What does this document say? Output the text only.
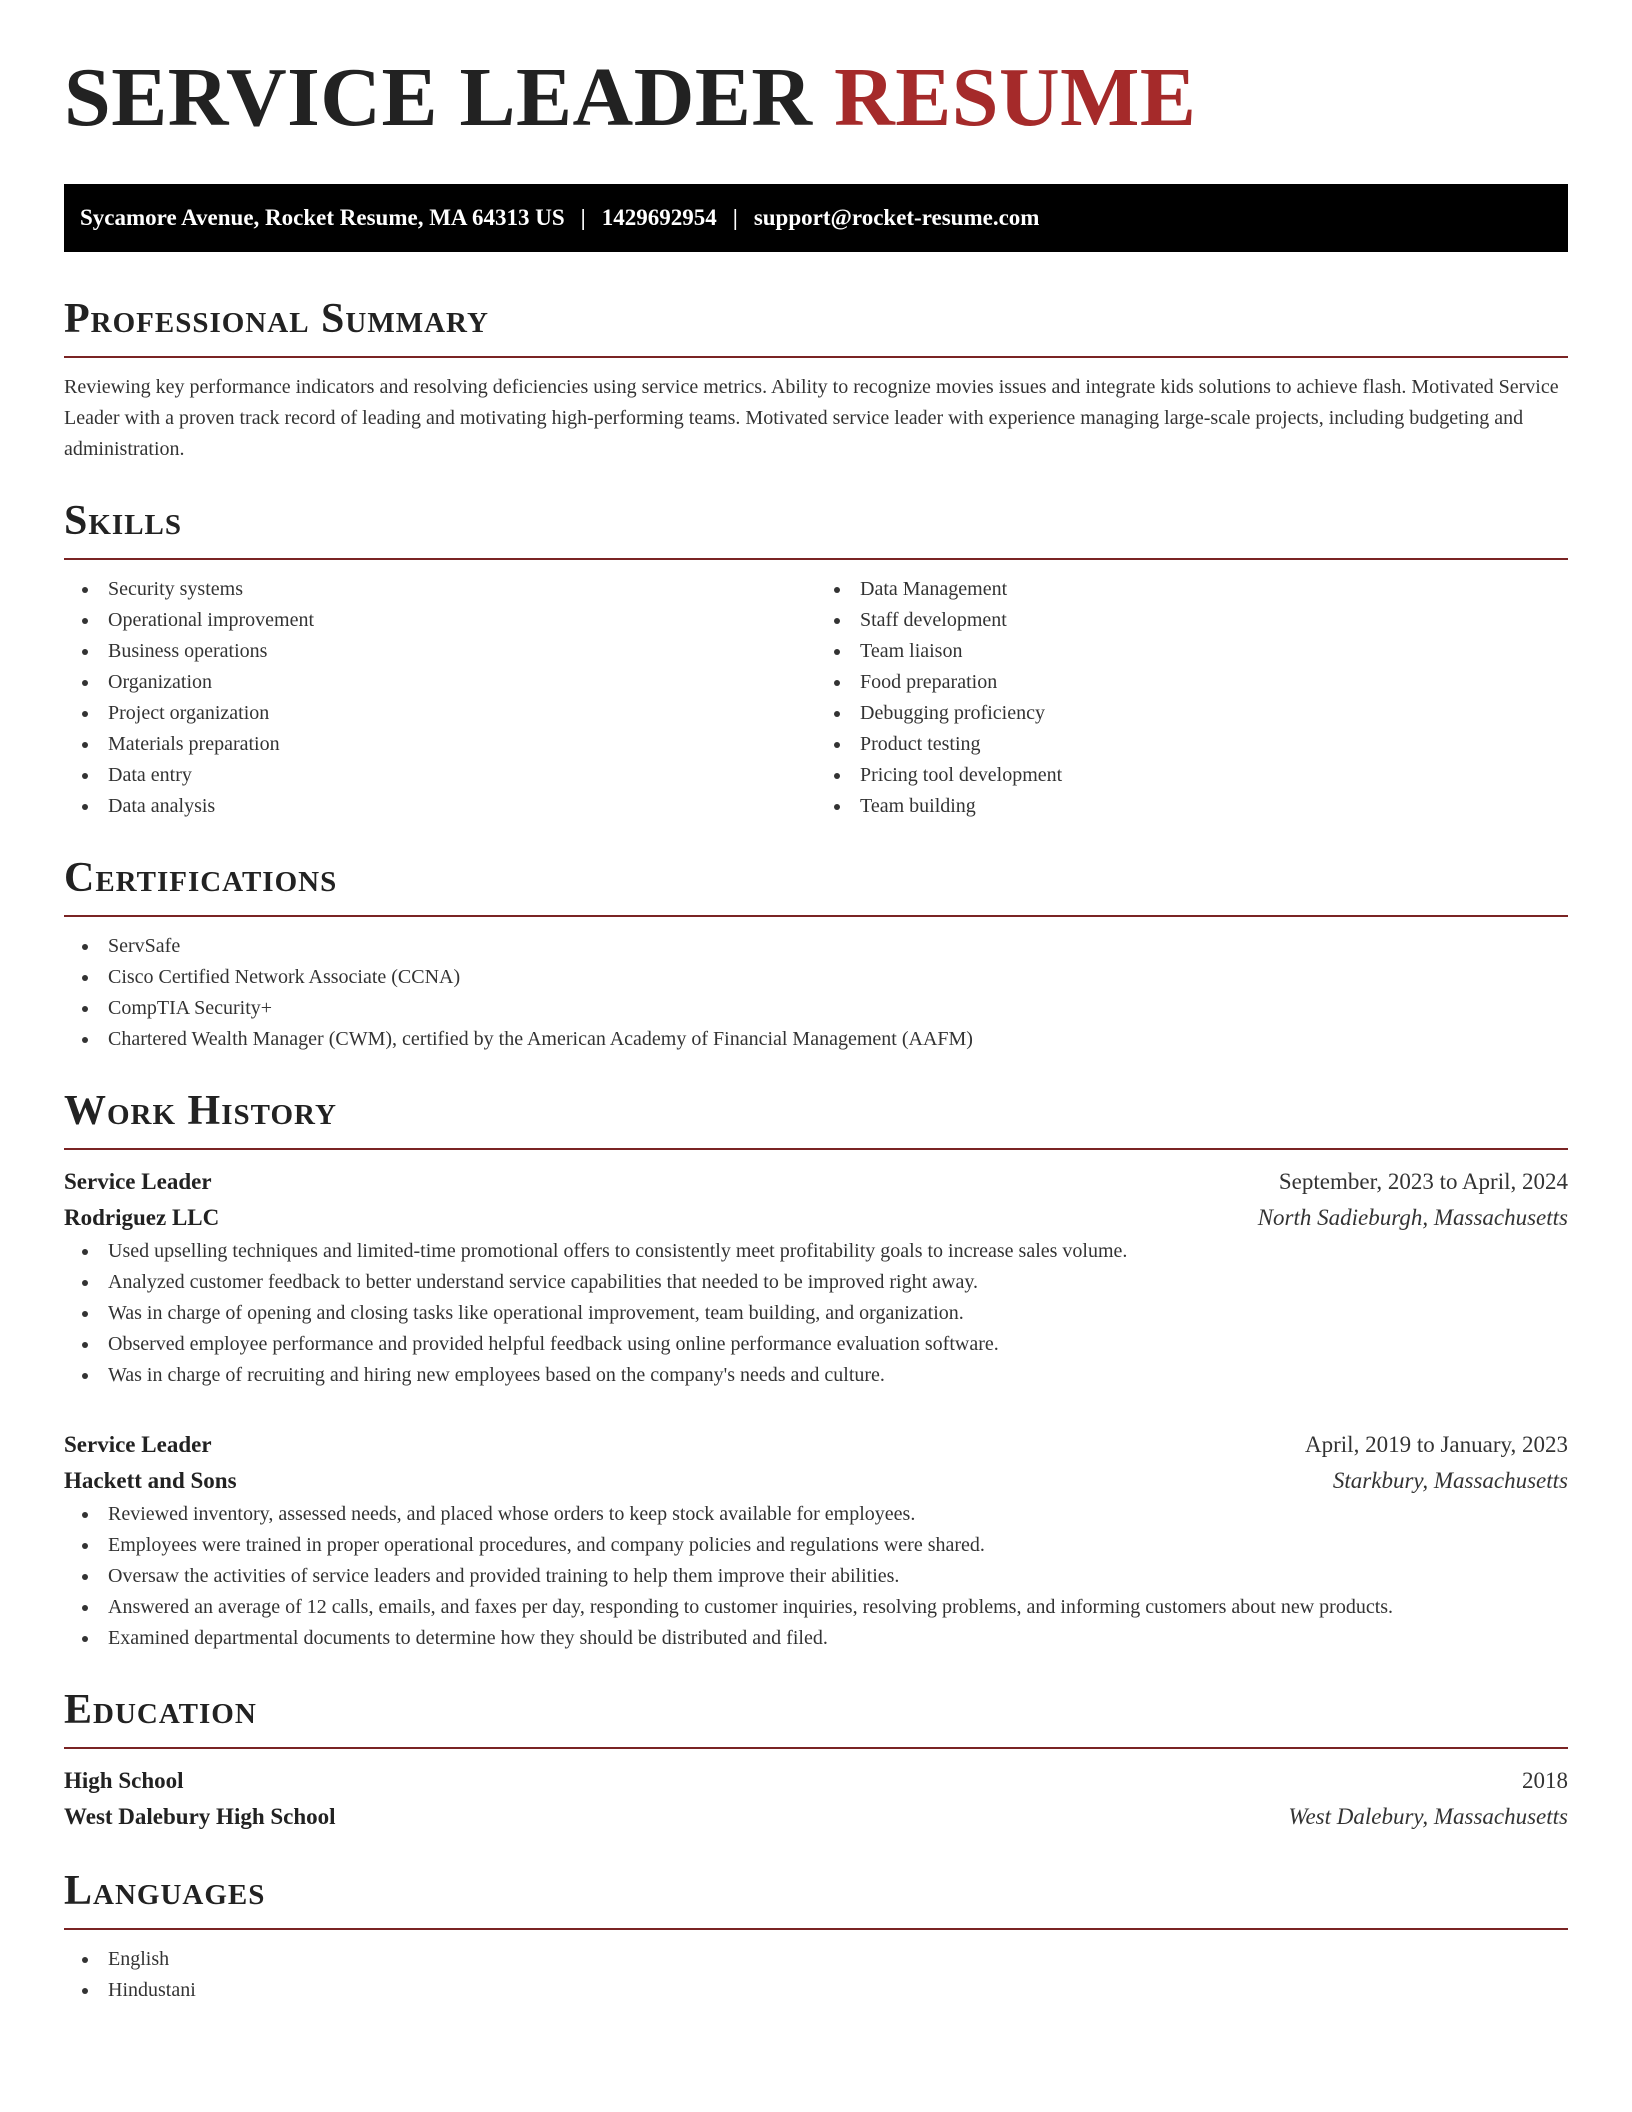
SERVICE LEADER RESUME
Sycamore Avenue, Rocket Resume, MA 64313 US | 1429692954 | support@rocket-resume.com
Professional Summary

Reviewing key performance indicators and resolving deficiencies using service metrics. Ability to recognize movies issues and integrate kids solutions to achieve flash. Motivated Service Leader with a proven track record of leading and motivating high-performing teams. Motivated service leader with experience managing large-scale projects, including budgeting and administration.

Skills
Security systems
Operational improvement
Business operations
Organization
Project organization
Materials preparation
Data entry
Data analysis
Data Management
Staff development
Team liaison
Food preparation
Debugging proficiency
Product testing
Pricing tool development
Team building
Certifications
ServSafe
Cisco Certified Network Associate (CCNA)
CompTIA Security+
Chartered Wealth Manager (CWM), certified by the American Academy of Financial Management (AAFM)
Work History
Service Leader	September, 2023 to April, 2024
Rodriguez LLC	North Sadieburgh, Massachusetts
Used upselling techniques and limited-time promotional offers to consistently meet profitability goals to increase sales volume.
Analyzed customer feedback to better understand service capabilities that needed to be improved right away.
Was in charge of opening and closing tasks like operational improvement, team building, and organization.
Observed employee performance and provided helpful feedback using online performance evaluation software.
Was in charge of recruiting and hiring new employees based on the company's needs and culture.
Service Leader	April, 2019 to January, 2023
Hackett and Sons	Starkbury, Massachusetts
Reviewed inventory, assessed needs, and placed whose orders to keep stock available for employees.
Employees were trained in proper operational procedures, and company policies and regulations were shared.
Oversaw the activities of service leaders and provided training to help them improve their abilities.
Answered an average of 12 calls, emails, and faxes per day, responding to customer inquiries, resolving problems, and informing customers about new products.
Examined departmental documents to determine how they should be distributed and filed.
Education
High School	2018
West Dalebury High School	West Dalebury, Massachusetts
Languages
English
Hindustani
